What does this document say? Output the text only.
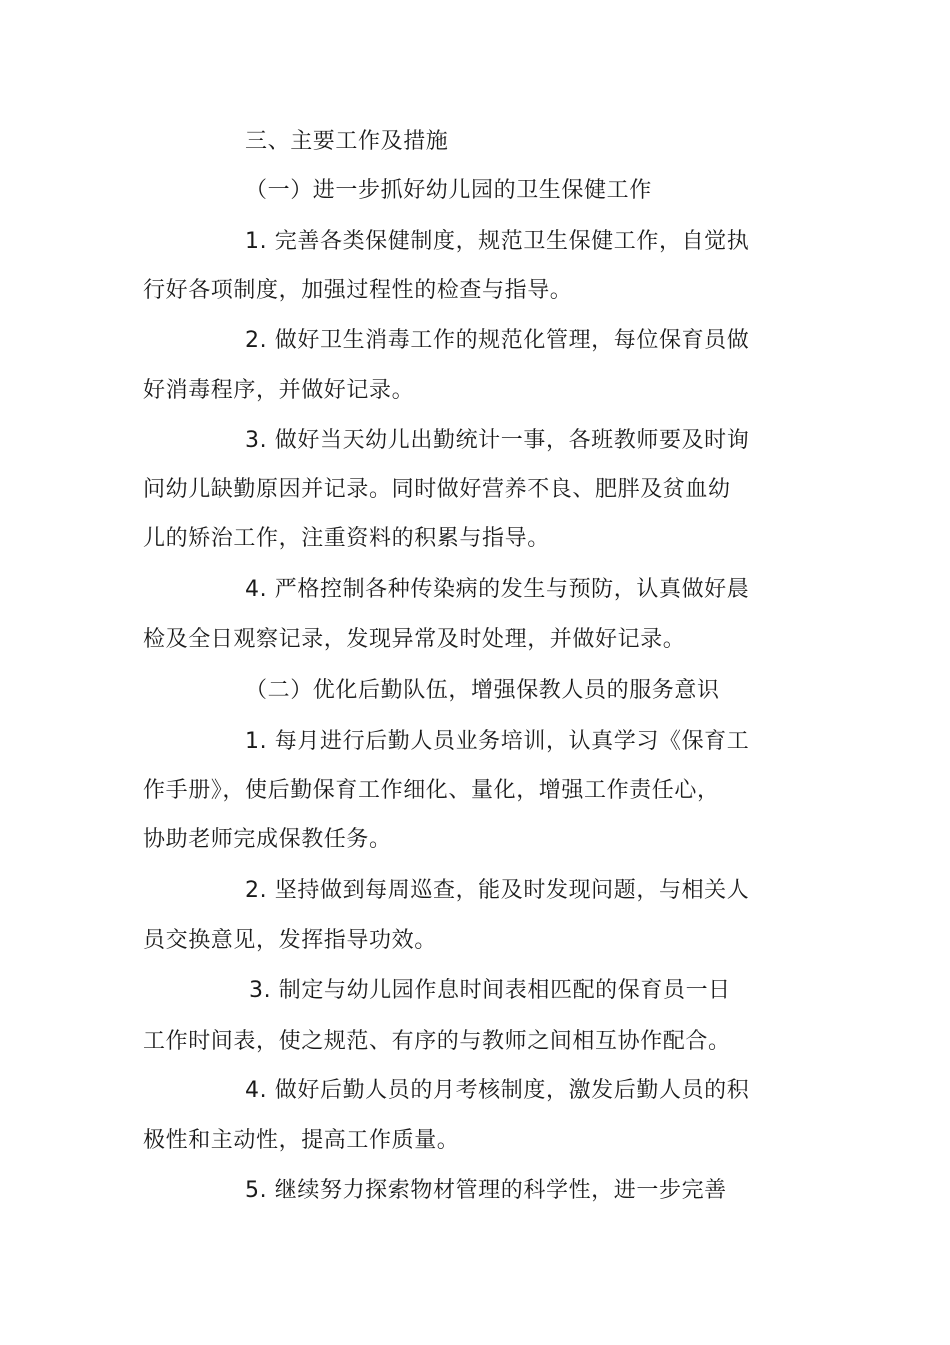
三、主要工作及措施
（一）进一步抓好幼儿园的卫生保健工作
1. 完善各类保健制度，规范卫生保健工作，自觉执
行好各项制度，加强过程性的检查与指导。
2. 做好卫生消毒工作的规范化管理，每位保育员做
好消毒程序，并做好记录。
3. 做好当天幼儿出勤统计一事，各班教师要及时询
问幼儿缺勤原因并记录。同时做好营养不良、肥胖及贫血幼
儿的矫治工作，注重资料的积累与指导。
4. 严格控制各种传染病的发生与预防，认真做好晨
检及全日观察记录，发现异常及时处理，并做好记录。
（二）优化后勤队伍，增强保教人员的服务意识
1. 每月进行后勤人员业务培训，认真学习《保育工
作手册》，使后勤保育工作细化、量化，增强工作责任心，
协助老师完成保教任务。
2. 坚持做到每周巡查，能及时发现问题，与相关人
员交换意见，发挥指导功效。
3. 制定与幼儿园作息时间表相匹配的保育员一日
工作时间表，使之规范、有序的与教师之间相互协作配合。
4. 做好后勤人员的月考核制度，激发后勤人员的积
极性和主动性，提高工作质量。
5. 继续努力探索物材管理的科学性，进一步完善
